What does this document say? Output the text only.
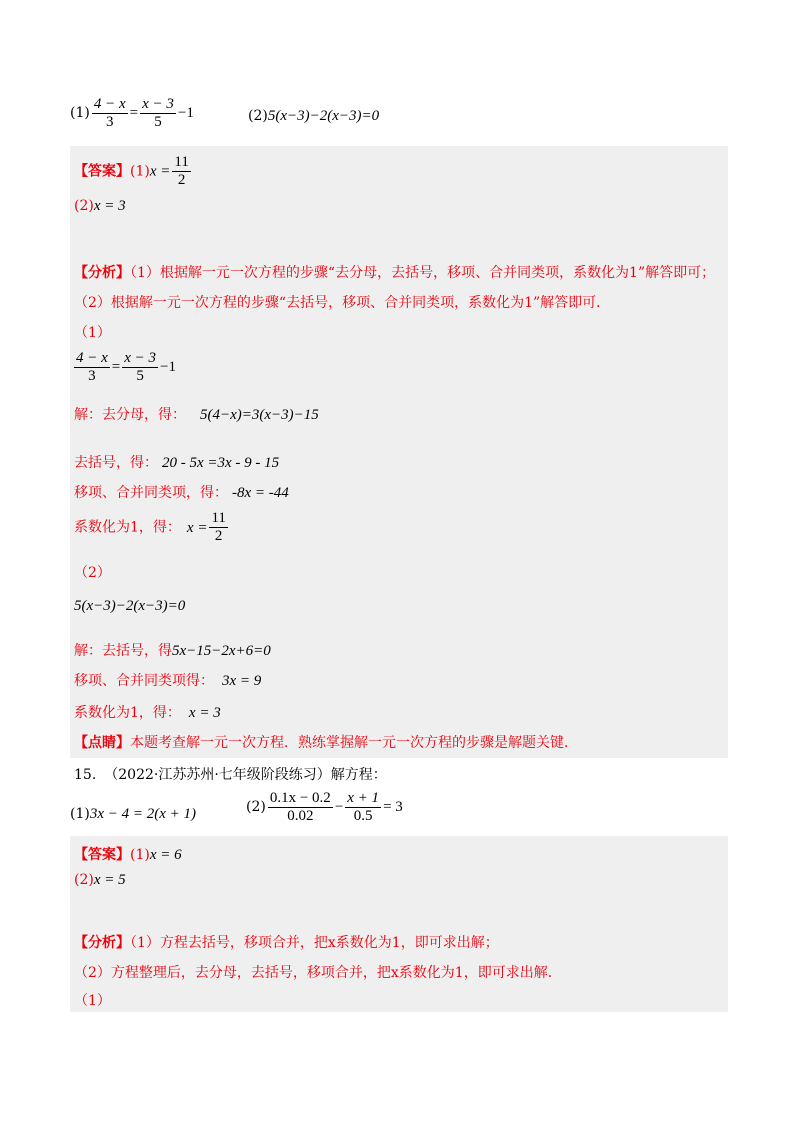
$(1) \frac{4 - x}{3} = \frac{x - 3}{5} -1$	(2)5(x−3)−2(x−3)=0
【答案】$(1)x = \frac{11}{2}$
(2)x = 3
【分析】（1）根据解一元一次方程的步骤“去分母，去括号，移项、合并同类项，系数化为1”解答即可；
（2）根据解一元一次方程的步骤“去括号，移项、合并同类项，系数化为1”解答即可．
（1）
$\frac{4 - x}{3} = \frac{x - 3}{5} -1$
解：去分母，得： 5(4−x)=3(x−3)−15
去括号，得： 20 - 5x =3x - 9 - 15
移项、合并同类项，得： -8x = -44
系数化为1，得： $x = \frac{11}{2}$
（2）
5(x−3)−2(x−3)=0
解：去括号，得5x−15−2x+6=0
移项、合并同类项得： 3x = 9
系数化为1，得： x = 3
【点睛】本题考查解一元一次方程．熟练掌握解一元一次方程的步骤是解题关键．
15. （2022·江苏苏州·七年级阶段练习）解方程：
(1)3x − 4 = 2(x + 1)	$(2) \frac{0.1x - 0.2}{0.02} - \frac{x + 1}{0.5} = 3$
【答案】(1)x = 6
(2)x = 5
【分析】（1）方程去括号，移项合并，把x系数化为1，即可求出解；
（2）方程整理后，去分母，去括号，移项合并，把x系数化为1，即可求出解．
（1）
